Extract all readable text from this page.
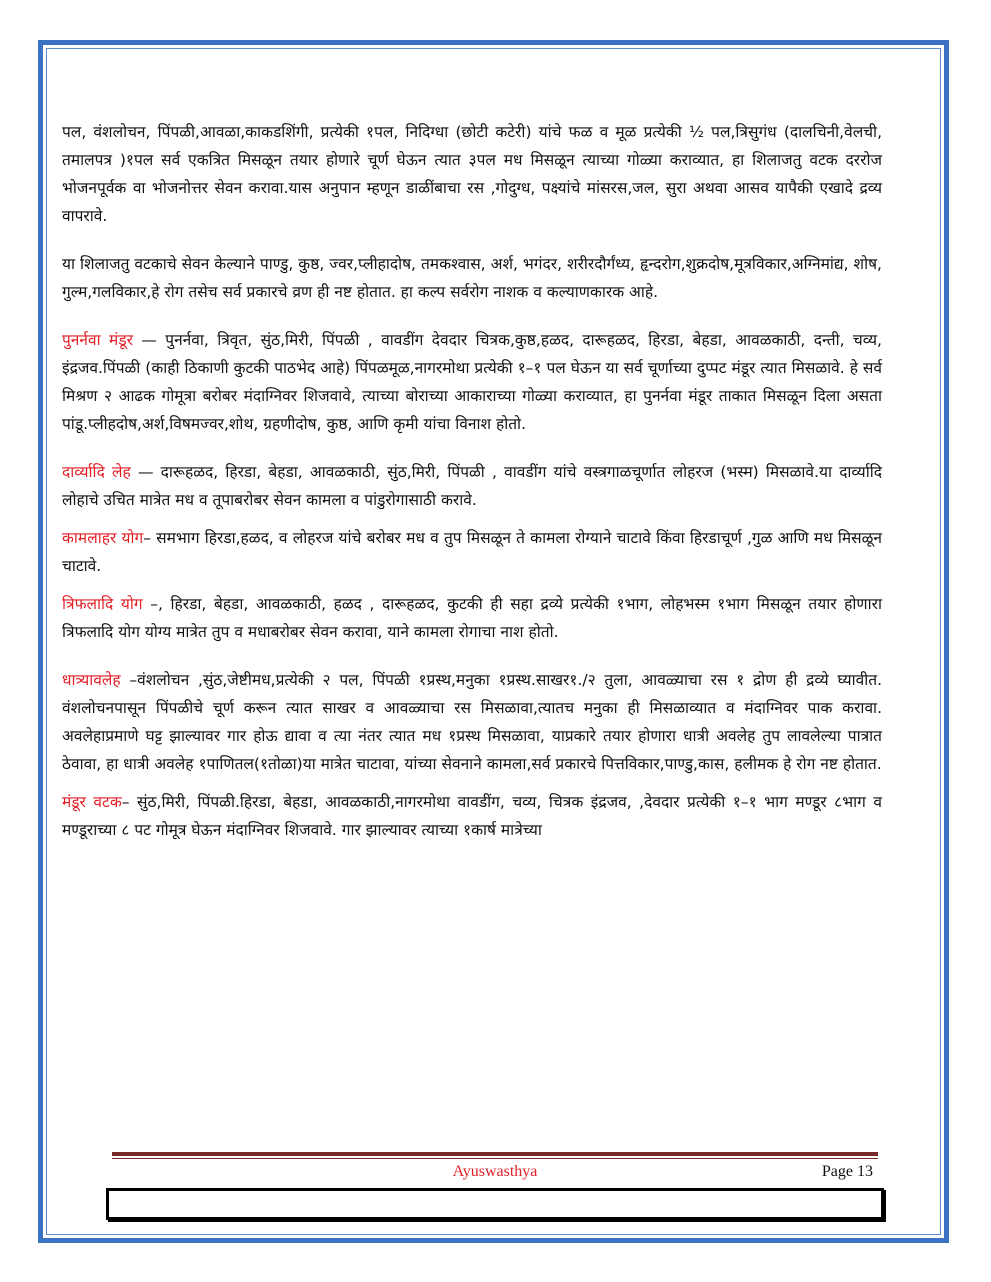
पल, वंशलोचन, पिंपळी,आवळा,काकडशिंगी, प्रत्येकी १पल, निदिग्धा (छोटी कटेरी) यांचे फळ व मूळ प्रत्येकी ½ पल,त्रिसुगंध (दालचिनी,वेलची, तमालपत्र )१पल सर्व एकत्रित मिसळून तयार होणारे चूर्ण घेऊन त्यात ३पल मध मिसळून त्याच्या गोळ्या कराव्यात, हा शिलाजतु वटक दररोज भोजनपूर्वक वा भोजनोत्तर सेवन करावा.यास अनुपान म्हणून डाळींबाचा रस ,गोदुग्ध, पक्ष्यांचे मांसरस,जल, सुरा अथवा आसव यापैकी एखादे द्रव्य वापरावे.

या शिलाजतु वटकाचे सेवन केल्याने पाण्डु, कुष्ठ, ज्वर,प्लीहादोष, तमकश्वास, अर्श, भगंदर, शरीरदौर्गंध्य, हृन्दरोग,शुक्रदोष,मूत्रविकार,अग्निमांद्य, शोष, गुल्म,गलविकार,हे रोग तसेच सर्व प्रकारचे व्रण ही नष्ट होतात. हा कल्प सर्वरोग नाशक व कल्याणकारक आहे.

पुनर्नवा मंडूर — पुनर्नवा, त्रिवृत, सुंठ,मिरी, पिंपळी , वावडींग देवदार चित्रक,कुष्ठ,हळद, दारूहळद, हिरडा, बेहडा, आवळकाठी, दन्ती, चव्य, इंद्रजव.पिंपळी (काही ठिकाणी कुटकी पाठभेद आहे) पिंपळमूळ,नागरमोथा प्रत्येकी १–१ पल घेऊन या सर्व चूर्णाच्या दुप्पट मंडूर त्यात मिसळावे. हे सर्व मिश्रण २ आढक गोमूत्रा बरोबर मंदाग्निवर शिजवावे, त्याच्या बोराच्या आकाराच्या गोळ्या कराव्यात, हा पुनर्नवा मंडूर ताकात मिसळून दिला असता पांडू.प्लीहदोष,अर्श,विषमज्वर,शोथ, ग्रहणीदोष, कुष्ठ, आणि कृमी यांचा विनाश होतो.

दार्व्यादि लेह — दारूहळद, हिरडा, बेहडा, आवळकाठी, सुंठ,मिरी, पिंपळी , वावडींग यांचे वस्त्रगाळचूर्णात लोहरज (भस्म) मिसळावे.या दार्व्यादि लोहाचे उचित मात्रेत मध व तूपाबरोबर सेवन कामला व पांडुरोगासाठी करावे.

कामलाहर योग– समभाग हिरडा,हळद, व लोहरज यांचे बरोबर मध व तुप मिसळून ते कामला रोग्याने चाटावे किंवा हिरडाचूर्ण ,गुळ आणि मध मिसळून चाटावे.

त्रिफलादि योग –, हिरडा, बेहडा, आवळकाठी, हळद , दारूहळद, कुटकी ही सहा द्रव्ये प्रत्येकी १भाग, लोहभस्म १भाग मिसळून तयार होणारा त्रिफलादि योग योग्य मात्रेत तुप व मधाबरोबर सेवन करावा, याने कामला रोगाचा नाश होतो.

धात्र्यावलेह –वंशलोचन ,सुंठ,जेष्टीमध,प्रत्येकी २ पल, पिंपळी १प्रस्थ,मनुका १प्रस्थ.साखर१./२ तुला, आवळ्याचा रस १ द्रोण ही द्रव्ये घ्यावीत. वंशलोचनपासून पिंपळीचे चूर्ण करून त्यात साखर व आवळ्याचा रस मिसळावा,त्यातच मनुका ही मिसळाव्यात व मंदाग्निवर पाक करावा. अवलेहाप्रमाणे घट्ट झाल्यावर गार होऊ द्यावा व त्या नंतर त्यात मध १प्रस्थ मिसळावा, याप्रकारे तयार होणारा धात्री अवलेह तुप लावलेल्या पात्रात ठेवावा, हा धात्री अवलेह १पाणितल(१तोळा)या मात्रेत चाटावा, यांच्या सेवनाने कामला,सर्व प्रकारचे पित्तविकार,पाण्डु,कास, हलीमक हे रोग नष्ट होतात.

मंडूर वटक– सुंठ,मिरी, पिंपळी.हिरडा, बेहडा, आवळकाठी,नागरमोथा वावडींग, चव्य, चित्रक इंद्रजव, ,देवदार प्रत्येकी १–१ भाग मण्डूर ८भाग व मण्डूराच्या ८ पट गोमूत्र घेऊन मंदाग्निवर शिजवावे. गार झाल्यावर त्याच्या १कार्ष मात्रेच्या

Ayuswasthya	Page 13
